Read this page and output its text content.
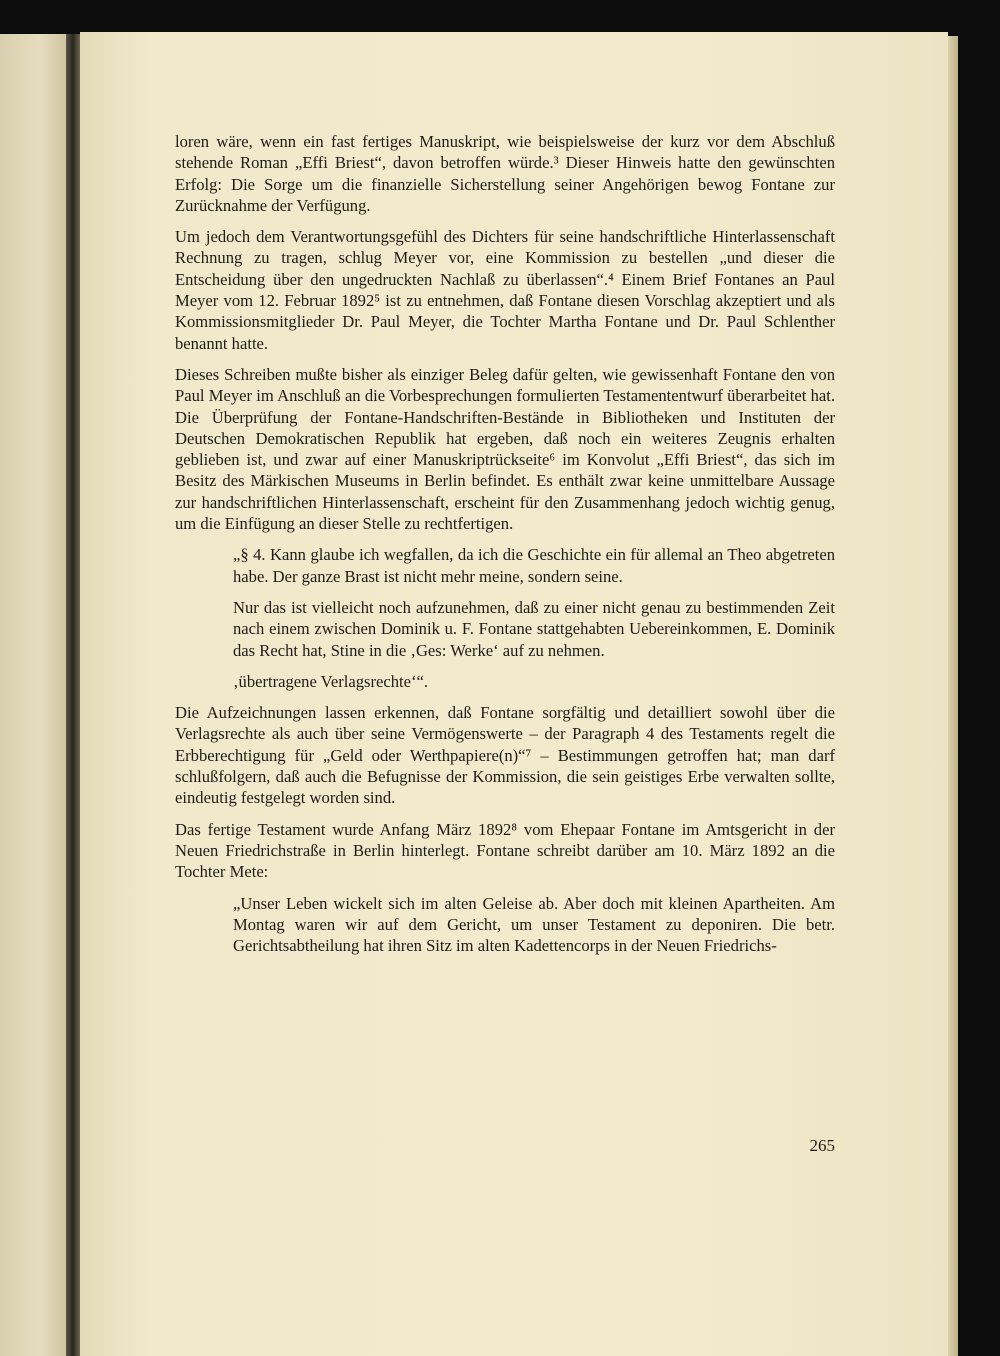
loren wäre, wenn ein fast fertiges Manuskript, wie beispielsweise der kurz vor dem Abschluß stehende Roman „Effi Briest“, davon betroffen würde.³ Dieser Hinweis hatte den gewünschten Erfolg: Die Sorge um die finanzielle Sicherstellung seiner Angehörigen bewog Fontane zur Zurücknahme der Verfügung.

Um jedoch dem Verantwortungsgefühl des Dichters für seine handschriftliche Hinterlassenschaft Rechnung zu tragen, schlug Meyer vor, eine Kommission zu bestellen „und dieser die Entscheidung über den ungedruckten Nachlaß zu überlassen“.⁴ Einem Brief Fontanes an Paul Meyer vom 12. Februar 1892⁵ ist zu entnehmen, daß Fontane diesen Vorschlag akzeptiert und als Kommissionsmitglieder Dr. Paul Meyer, die Tochter Martha Fontane und Dr. Paul Schlenther benannt hatte.

Dieses Schreiben mußte bisher als einziger Beleg dafür gelten, wie gewissenhaft Fontane den von Paul Meyer im Anschluß an die Vorbesprechungen formulierten Testamententwurf überarbeitet hat. Die Überprüfung der Fontane-Handschriften-Bestände in Bibliotheken und Instituten der Deutschen Demokratischen Republik hat ergeben, daß noch ein weiteres Zeugnis erhalten geblieben ist, und zwar auf einer Manuskriptrückseite⁶ im Konvolut „Effi Briest“, das sich im Besitz des Märkischen Museums in Berlin befindet. Es enthält zwar keine unmittelbare Aussage zur handschriftlichen Hinterlassenschaft, erscheint für den Zusammenhang jedoch wichtig genug, um die Einfügung an dieser Stelle zu rechtfertigen.

„§ 4. Kann glaube ich wegfallen, da ich die Geschichte ein für allemal an Theo abgetreten habe. Der ganze Brast ist nicht mehr meine, sondern seine.

Nur das ist vielleicht noch aufzunehmen, daß zu einer nicht genau zu bestimmenden Zeit nach einem zwischen Dominik u. F. Fontane stattgehabten Uebereinkommen, E. Dominik das Recht hat, Stine in die ‚Ges: Werke‘ auf zu nehmen.

‚übertragene Verlagsrechte‘“.

Die Aufzeichnungen lassen erkennen, daß Fontane sorgfältig und detailliert sowohl über die Verlagsrechte als auch über seine Vermögenswerte – der Paragraph 4 des Testaments regelt die Erbberechtigung für „Geld oder Werthpapiere(n)“⁷ – Bestimmungen getroffen hat; man darf schlußfolgern, daß auch die Befugnisse der Kommission, die sein geistiges Erbe verwalten sollte, eindeutig festgelegt worden sind.

Das fertige Testament wurde Anfang März 1892⁸ vom Ehepaar Fontane im Amtsgericht in der Neuen Friedrichstraße in Berlin hinterlegt. Fontane schreibt darüber am 10. März 1892 an die Tochter Mete:

„Unser Leben wickelt sich im alten Geleise ab. Aber doch mit kleinen Apartheiten. Am Montag waren wir auf dem Gericht, um unser Testament zu deponiren. Die betr. Gerichtsabtheilung hat ihren Sitz im alten Kadettencorps in der Neuen Friedrichs-

265
